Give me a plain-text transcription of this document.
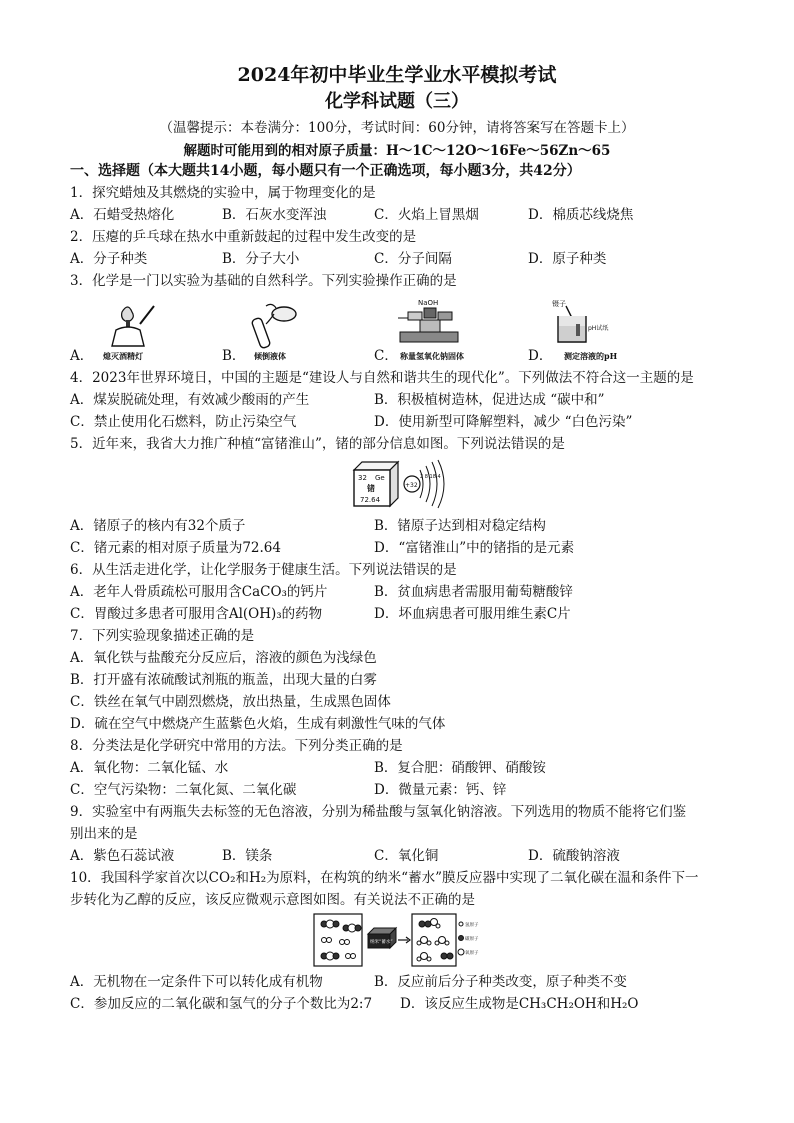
2024年初中毕业生学业水平模拟考试
化学科试题（三）
（温馨提示：本卷满分：100分，考试时间：60分钟，请将答案写在答题卡上）
解题时可能用到的相对原子质量：H～1C～12O～16Fe～56Zn～65
一、选择题（本大题共14小题，每小题只有一个正确选项，每小题3分，共42分）
1．探究蜡烛及其燃烧的实验中，属于物理变化的是
A．石蜡受热熔化	B．石灰水变浑浊	C．火焰上冒黑烟	D．棉质芯线烧焦
2．压瘪的乒乓球在热水中重新鼓起的过程中发生改变的是
A．分子种类	B．分子大小	C．分子间隔	D．原子种类
3．化学是一门以实验为基础的自然科学。下列实验操作正确的是
A．	B．	C．	D．
熄灭酒精灯	倾倒液体
NaOH
称量氢氧化钠固体
镊子
pH试纸
测定溶液的pH
4．2023年世界环境日，中国的主题是“建设人与自然和谐共生的现代化”。下列做法不符合这一主题的是
A．煤炭脱硫处理，有效减少酸雨的产生	B．积极植树造林，促进达成 “碳中和”
C．禁止使用化石燃料，防止污染空气	D．使用新型可降解塑料，减少 “白色污染”
5．近年来，我省大力推广种植“富锗淮山”，锗的部分信息如图。下列说法错误的是
32 Ge
锗
72.64
+32
2 8 18 4
A．锗原子的核内有32个质子	B．锗原子达到相对稳定结构
C．锗元素的相对原子质量为72.64	D．“富锗淮山”中的锗指的是元素
6．从生活走进化学，让化学服务于健康生活。下列说法错误的是
A．老年人骨质疏松可服用含CaCO₃的钙片	B．贫血病患者需服用葡萄糖酸锌
C．胃酸过多患者可服用含Al(OH)₃的药物	D．坏血病患者可服用维生素C片
7．下列实验现象描述正确的是
A．氧化铁与盐酸充分反应后，溶液的颜色为浅绿色
B．打开盛有浓硫酸试剂瓶的瓶盖，出现大量的白雾
C．铁丝在氧气中剧烈燃烧，放出热量，生成黑色固体
D．硫在空气中燃烧产生蓝紫色火焰，生成有刺激性气味的气体
8．分类法是化学研究中常用的方法。下列分类正确的是
A．氧化物：二氧化锰、水	B．复合肥：硝酸钾、硝酸铵
C．空气污染物：二氧化氮、二氧化碳	D．微量元素：钙、锌
9．实验室中有两瓶失去标签的无色溶液，分别为稀盐酸与氢氧化钠溶液。下列选用的物质不能将它们鉴
别出来的是
A．紫色石蕊试液	B．镁条	C．氧化铜	D．硫酸钠溶液
10．我国科学家首次以CO₂和H₂为原料，在构筑的纳米“蓄水”膜反应器中实现了二氧化碳在温和条件下一
步转化为乙醇的反应，该反应微观示意图如图。有关说法不正确的是
纳米“蓄水”
氢原子
碳原子
氧原子
A．无机物在一定条件下可以转化成有机物	B．反应前后分子种类改变，原子种类不变
C．参加反应的二氧化碳和氢气的分子个数比为2:7 D．该反应生成物是CH₃CH₂OH和H₂O
